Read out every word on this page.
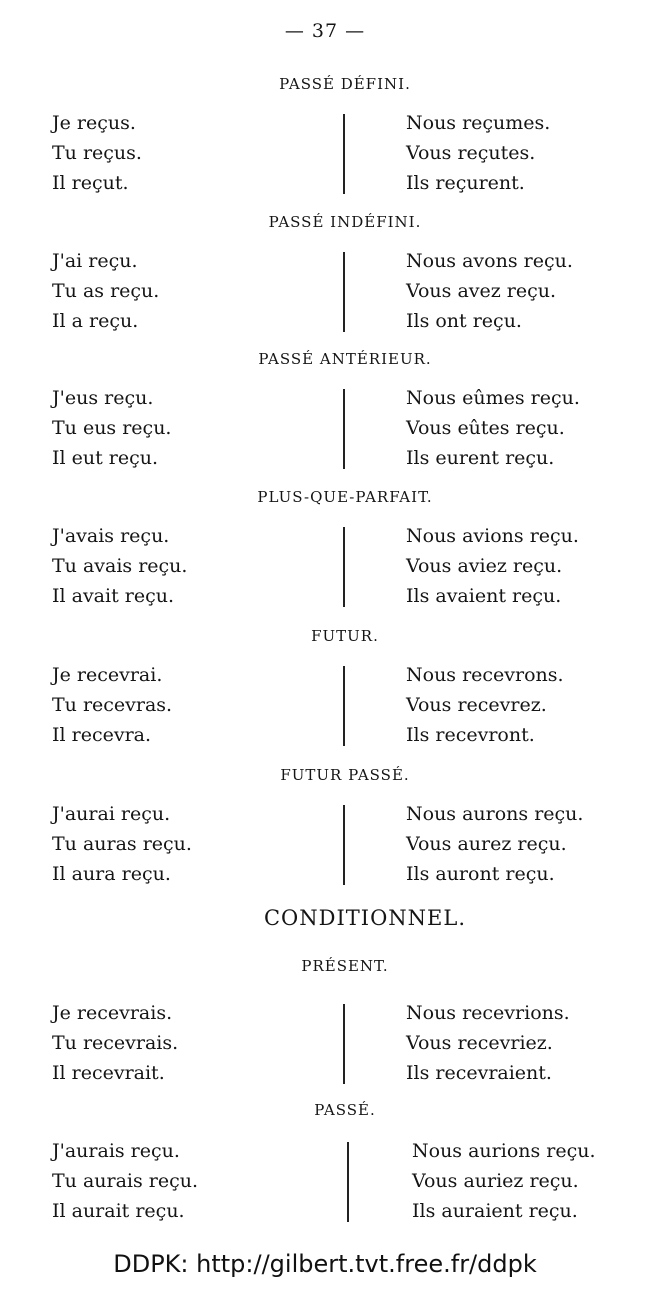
— 37 —
PASSÉ DÉFINI.
Je reçus.
Tu reçus.
Il reçut.
Nous reçumes.
Vous reçutes.
Ils reçurent.
PASSÉ INDÉFINI.
J'ai reçu.
Tu as reçu.
Il a reçu.
Nous avons reçu.
Vous avez reçu.
Ils ont reçu.
PASSÉ ANTÉRIEUR.
J'eus reçu.
Tu eus reçu.
Il eut reçu.
Nous eûmes reçu.
Vous eûtes reçu.
Ils eurent reçu.
PLUS-QUE-PARFAIT.
J'avais reçu.
Tu avais reçu.
Il avait reçu.
Nous avions reçu.
Vous aviez reçu.
Ils avaient reçu.
FUTUR.
Je recevrai.
Tu recevras.
Il recevra.
Nous recevrons.
Vous recevrez.
Ils recevront.
FUTUR PASSÉ.
J'aurai reçu.
Tu auras reçu.
Il aura reçu.
Nous aurons reçu.
Vous aurez reçu.
Ils auront reçu.
CONDITIONNEL.
PRÉSENT.
Je recevrais.
Tu recevrais.
Il recevrait.
Nous recevrions.
Vous recevriez.
Ils recevraient.
PASSÉ.
J'aurais reçu.
Tu aurais reçu.
Il aurait reçu.
Nous aurions reçu.
Vous auriez reçu.
Ils auraient reçu.
DDPK: http://gilbert.tvt.free.fr/ddpk
